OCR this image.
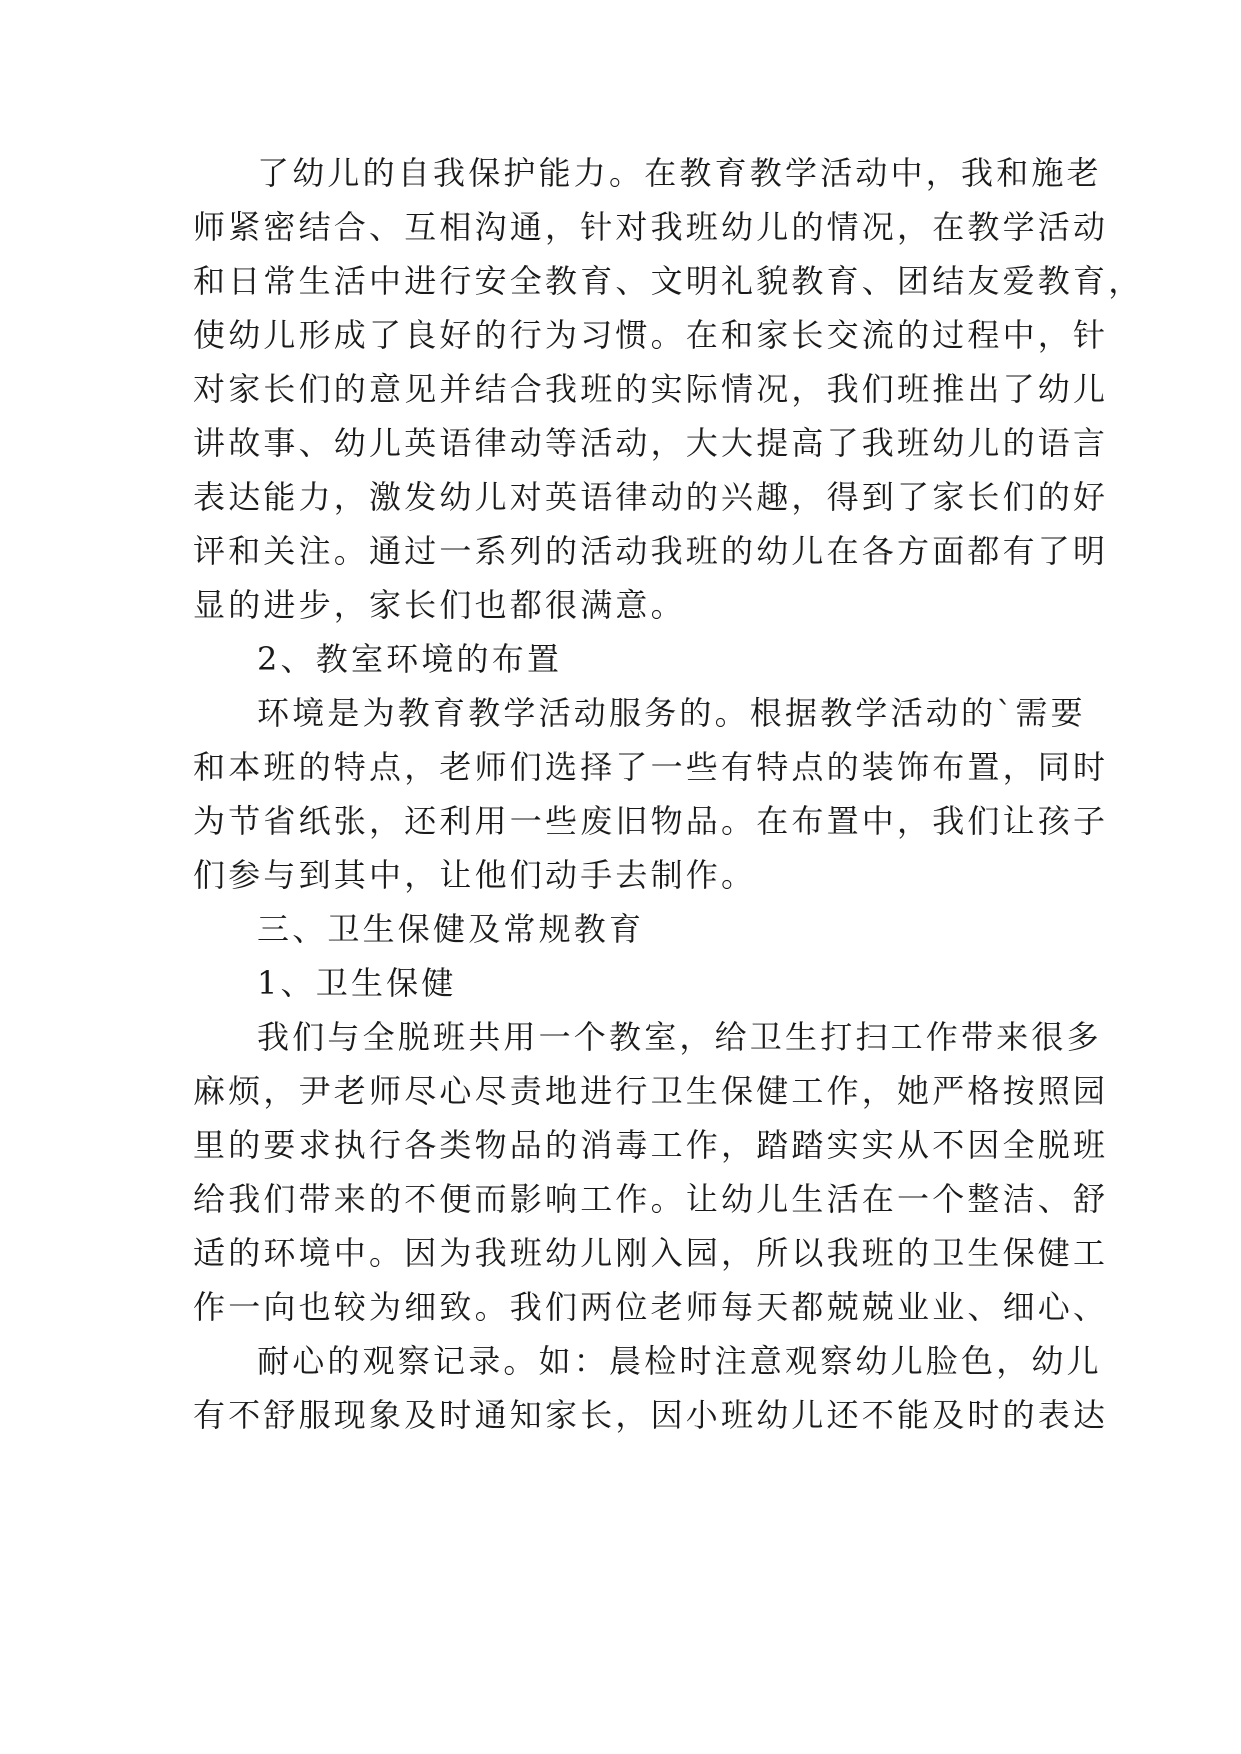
了幼儿的自我保护能力。在教育教学活动中，我和施老
师紧密结合、互相沟通，针对我班幼儿的情况，在教学活动
和日常生活中进行安全教育、文明礼貌教育、团结友爱教育，
使幼儿形成了良好的行为习惯。在和家长交流的过程中，针
对家长们的意见并结合我班的实际情况，我们班推出了幼儿
讲故事、幼儿英语律动等活动，大大提高了我班幼儿的语言
表达能力，激发幼儿对英语律动的兴趣，得到了家长们的好
评和关注。通过一系列的活动我班的幼儿在各方面都有了明
显的进步，家长们也都很满意。
2、教室环境的布置
环境是为教育教学活动服务的。根据教学活动的`需要
和本班的特点，老师们选择了一些有特点的装饰布置，同时
为节省纸张，还利用一些废旧物品。在布置中，我们让孩子
们参与到其中，让他们动手去制作。
三、卫生保健及常规教育
1、卫生保健
我们与全脱班共用一个教室，给卫生打扫工作带来很多
麻烦，尹老师尽心尽责地进行卫生保健工作，她严格按照园
里的要求执行各类物品的消毒工作，踏踏实实从不因全脱班
给我们带来的不便而影响工作。让幼儿生活在一个整洁、舒
适的环境中。因为我班幼儿刚入园，所以我班的卫生保健工
作一向也较为细致。我们两位老师每天都兢兢业业、细心、
耐心的观察记录。如：晨检时注意观察幼儿脸色，幼儿
有不舒服现象及时通知家长，因小班幼儿还不能及时的表达
